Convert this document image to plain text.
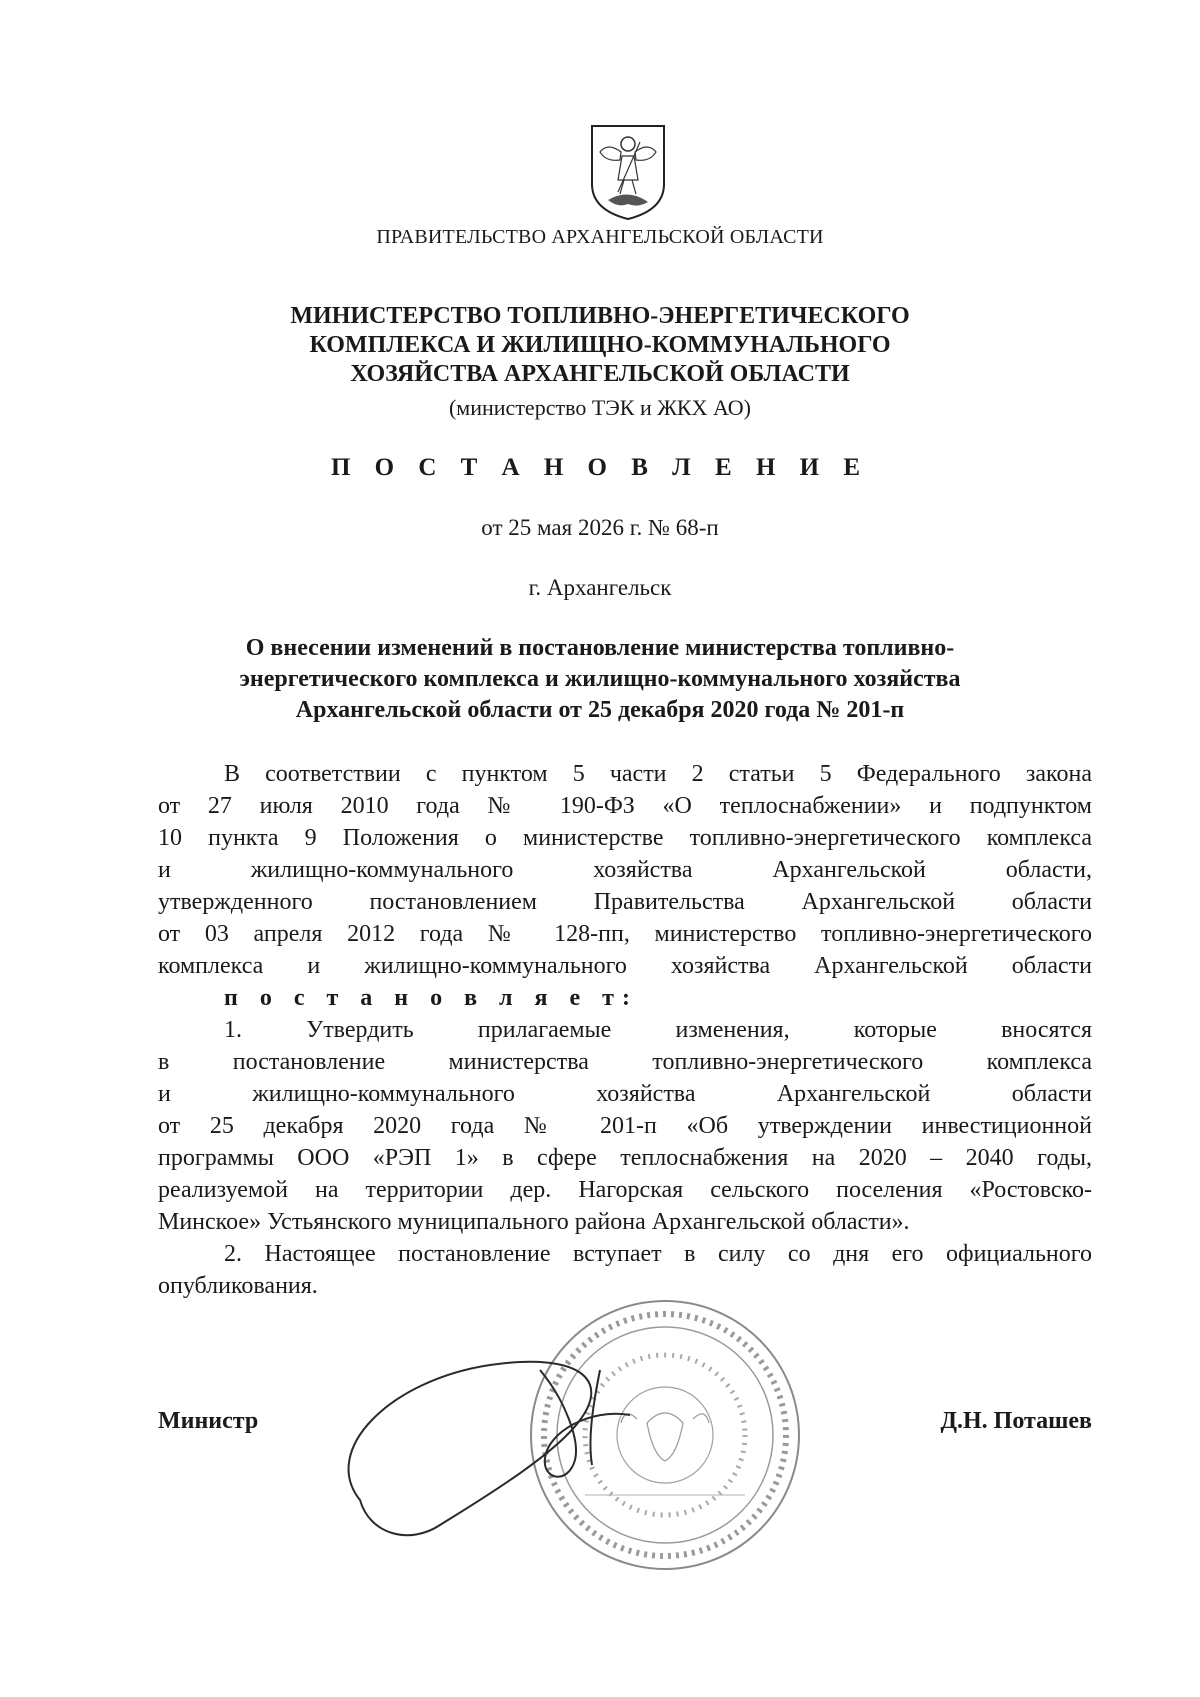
ПРАВИТЕЛЬСТВО АРХАНГЕЛЬСКОЙ ОБЛАСТИ
МИНИСТЕРСТВО ТОПЛИВНО-ЭНЕРГЕТИЧЕСКОГО
КОМПЛЕКСА И ЖИЛИЩНО-КОММУНАЛЬНОГО
ХОЗЯЙСТВА АРХАНГЕЛЬСКОЙ ОБЛАСТИ
(министерство ТЭК и ЖКХ АО)
П О С Т А Н О В Л Е Н И Е
от 25 мая 2026 г. № 68-п
г. Архангельск
О внесении изменений в постановление министерства топливно-
энергетического комплекса и жилищно-коммунального хозяйства
Архангельской области от 25 декабря 2020 года № 201-п
В соответствии с пунктом 5 части 2 статьи 5 Федерального закона
от 27 июля 2010 года № 190-ФЗ «О теплоснабжении» и подпунктом
10 пункта 9 Положения о министерстве топливно-энергетического комплекса
и жилищно-коммунального хозяйства Архангельской области,
утвержденного постановлением Правительства Архангельской области
от 03 апреля 2012 года № 128-пп, министерство топливно-энергетического
комплекса и жилищно-коммунального хозяйства Архангельской области
п о с т а н о в л я е т:
1. Утвердить прилагаемые изменения, которые вносятся
в постановление министерства топливно-энергетического комплекса
и жилищно-коммунального хозяйства Архангельской области
от 25 декабря 2020 года № 201-п «Об утверждении инвестиционной
программы ООО «РЭП 1» в сфере теплоснабжения на 2020 – 2040 годы,
реализуемой на территории дер. Нагорская сельского поселения «Ростовско-
Минское» Устьянского муниципального района Архангельской области».
2. Настоящее постановление вступает в силу со дня его официального
опубликования.
Министр	Д.Н. Поташев
